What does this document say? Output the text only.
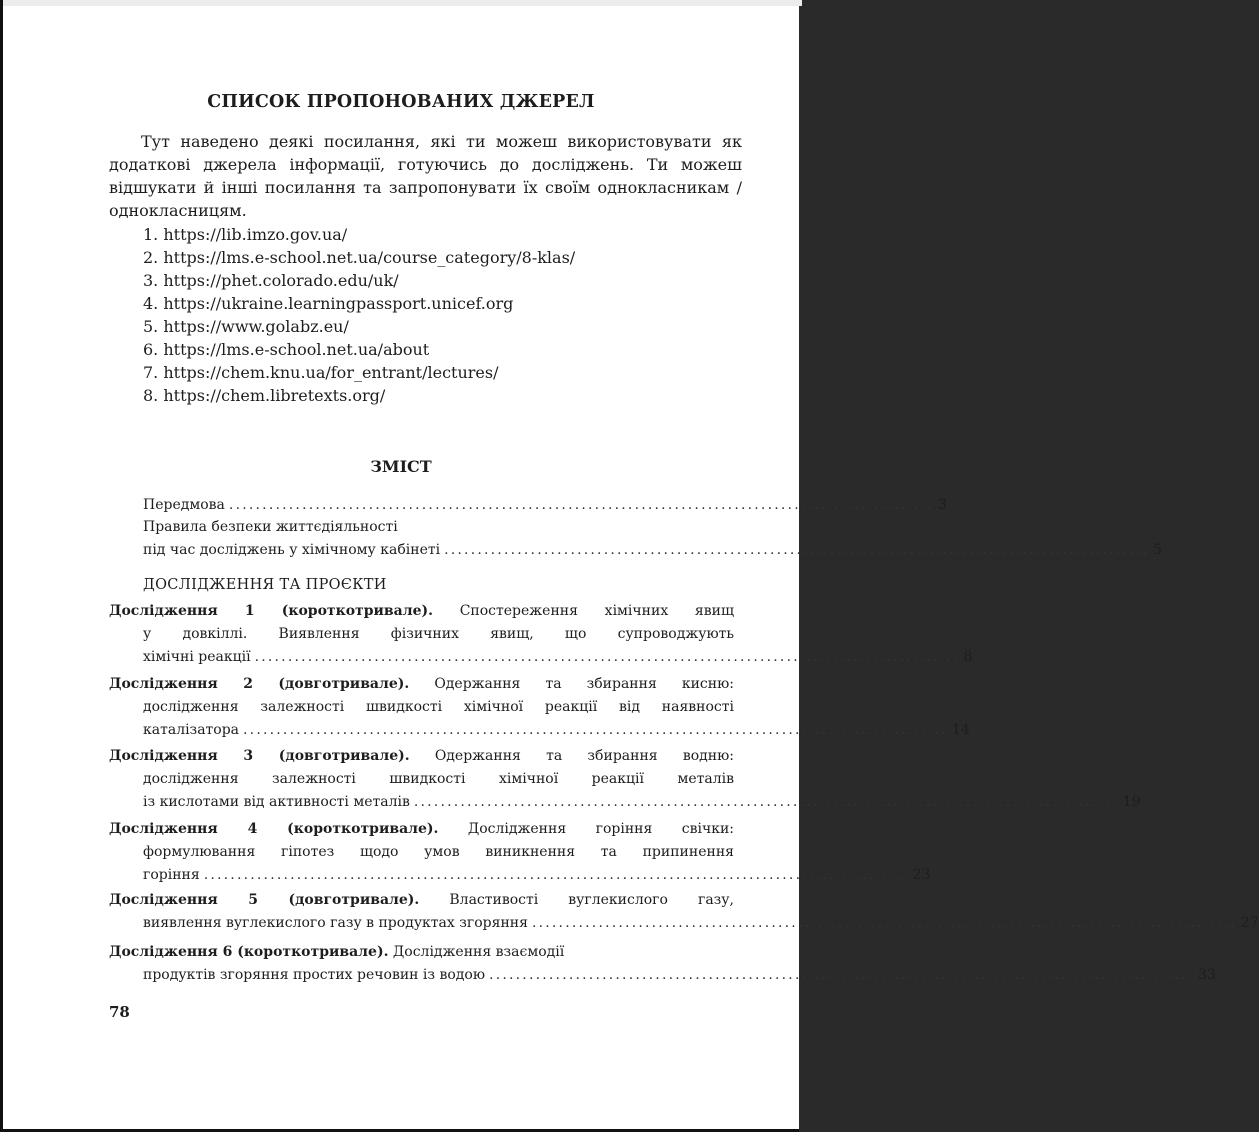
СПИСОК ПРОПОНОВАНИХ ДЖЕРЕЛ

Тут наведено деякі посилання, які ти можеш використовувати як додаткові джерела інформації, готуючись до досліджень. Ти можеш відшукати й інші посилання та запропонувати їх своїм однокласникам / однокласницям.

1. https://lib.imzo.gov.ua/
2. https://lms.e-school.net.ua/course_category/8-klas/
3. https://phet.colorado.edu/uk/
4. https://ukraine.learningpassport.unicef.org
5. https://www.golabz.eu/
6. https://lms.e-school.net.ua/about
7. https://chem.knu.ua/for_entrant/lectures/
8. https://chem.libretexts.org/
ЗМІСТ
Передмова .......................................................................................................... 3
Правила безпеки життєдіяльності
під час досліджень у хімічному кабінеті .......................................................................................................... 5
ДОСЛІДЖЕННЯ ТА ПРОЄКТИ
Дослідження 1 (короткотривале). Спостереження хімічних явищ
у довкіллі. Виявлення фізичних явищ, що супроводжують
хімічні реакції .......................................................................................................... 8
Дослідження 2 (довготривале). Одержання та збирання кисню:
дослідження залежності швидкості хімічної реакції від наявності
каталізатора .......................................................................................................... 14
Дослідження 3 (довготривале). Одержання та збирання водню:
дослідження залежності швидкості хімічної реакції металів
із кислотами від активності металів .......................................................................................................... 19
Дослідження 4 (короткотривале). Дослідження горіння свічки:
формулювання гіпотез щодо умов виникнення та припинення
горіння .......................................................................................................... 23
Дослідження 5 (довготривале). Властивості вуглекислого газу,
виявлення вуглекислого газу в продуктах згоряння .......................................................................................................... 27
Дослідження 6 (короткотривале). Дослідження взаємодії
продуктів згоряння простих речовин із водою .......................................................................................................... 33
78
